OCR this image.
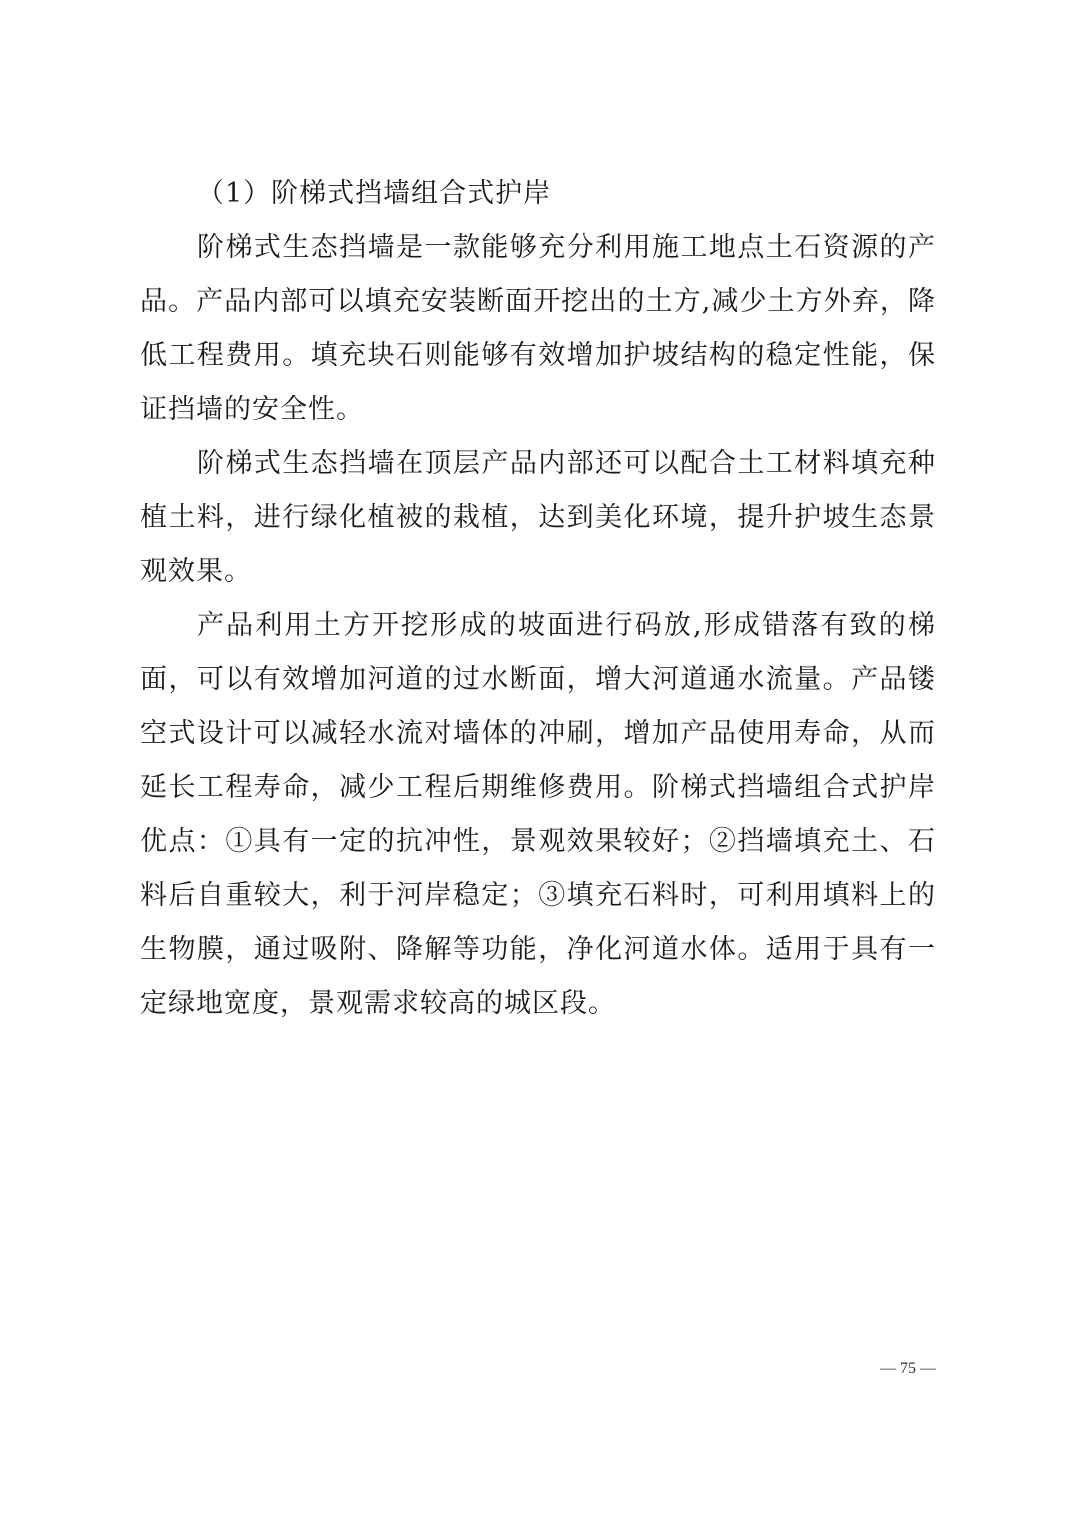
（1）阶梯式挡墙组合式护岸

阶梯式生态挡墙是一款能够充分利用施工地点土石资源的产品。产品内部可以填充安装断面开挖出的土方,减少土方外弃，降低工程费用。填充块石则能够有效增加护坡结构的稳定性能，保证挡墙的安全性。

阶梯式生态挡墙在顶层产品内部还可以配合土工材料填充种植土料，进行绿化植被的栽植，达到美化环境，提升护坡生态景观效果。

产品利用土方开挖形成的坡面进行码放,形成错落有致的梯面，可以有效增加河道的过水断面，增大河道通水流量。产品镂空式设计可以减轻水流对墙体的冲刷，增加产品使用寿命，从而延长工程寿命，减少工程后期维修费用。阶梯式挡墙组合式护岸优点：①具有一定的抗冲性，景观效果较好；②挡墙填充土、石料后自重较大，利于河岸稳定；③填充石料时，可利用填料上的生物膜，通过吸附、降解等功能，净化河道水体。适用于具有一定绿地宽度，景观需求较高的城区段。

— 75 —
